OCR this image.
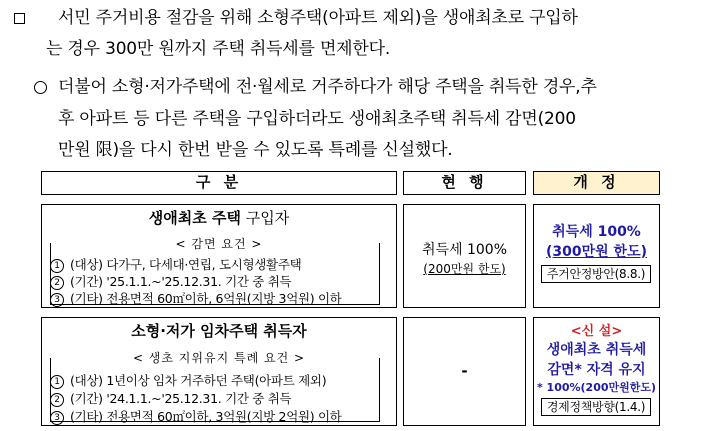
서민 주거비용 절감을 위해 소형주택(아파트 제외)을 생애최초로 구입하
는 경우 300만 원까지 주택 취득세를 면제한다.
더불어 소형·저가주택에 전·월세로 거주하다가 해당 주택을 취득한 경우,추
후 아파트 등 다른 주택을 구입하더라도 생애최초주택 취득세 감면(200
만원 限)을 다시 한번 받을 수 있도록 특례를 신설했다.
구 분	현 행	개 정
생애최초 주택 구입자
< 감면 요건 >
1 (대상) 다가구, 다세대·연립, 도시형생활주택
2 (기간) '25.1.1.~'25.12.31. 기간 중 취득
3 (기타) 전용면적 60㎡이하, 6억원(지방 3억원) 이하
취득세 100%
(200만원 한도)
취득세 100%
(300만원 한도)
주거안정방안(8.8.)
소형·저가 임차주택 취득자
< 생초 지위유지 특례 요건 >
1 (대상) 1년이상 임차 거주하던 주택(아파트 제외)
2 (기간) '24.1.1.~'25.12.31. 기간 중 취득
3 (기타) 전용면적 60㎡이하, 3억원(지방 2억원) 이하
-
<신 설>
생애최초 취득세
감면* 자격 유지
* 100%(200만원한도)
경제정책방향(1.4.)
